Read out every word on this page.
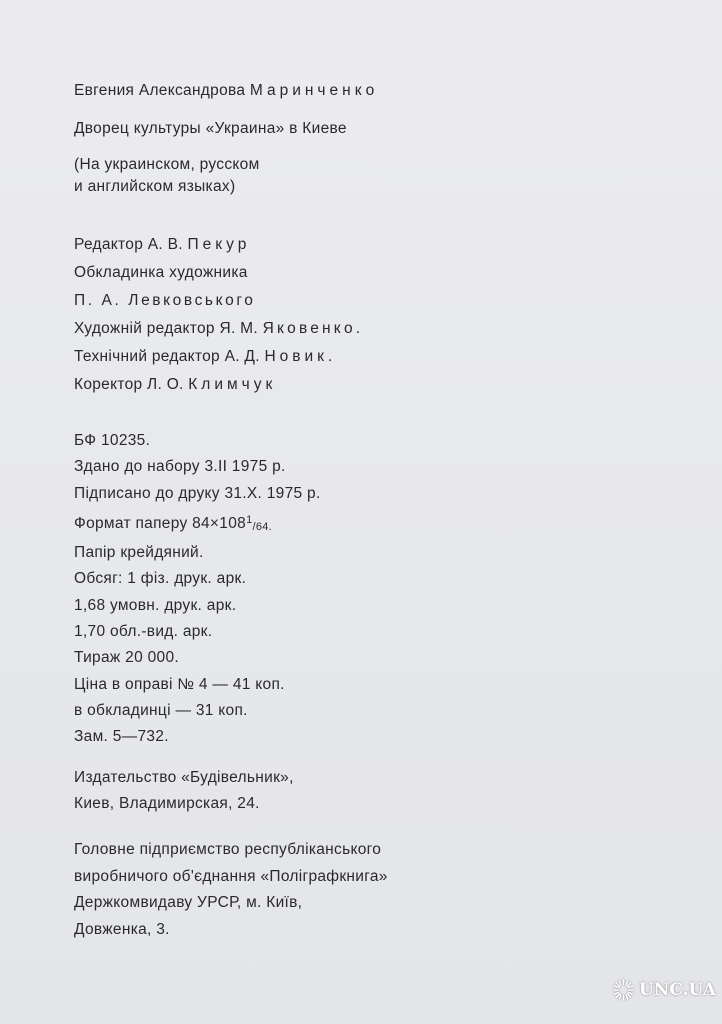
Евгения Александрова Маринченко
Дворец культуры «Украина» в Киеве
(На украинском, русском
и английском языках)
Редактор А. В. Пекур
Обкладинка художника
П. А. Левковського
Художній редактор Я. М. Яковенко.
Технічний редактор А. Д. Новик.
Коректор Л. О. Климчук
БФ 10235.
Здано до набору 3.ІІ 1975 р.
Підписано до друку 31.Х. 1975 р.
Формат паперу $84\times 108^1/64$.
Папір крейдяний.
Обсяг: 1 фіз. друк. арк.
1,68 умовн. друк. арк.
1,70 обл.-вид. арк.
Тираж 20 000.
Ціна в оправі № 4 — 41 коп.
в обкладинці — 31 коп.
Зам. 5—732.
Издательство «Будівельник»,
Киев, Владимирская, 24.
Головне підприємство республіканського
виробничого об'єднання «Поліграфкнига»
Держкомвидаву УРСР, м. Київ,
Довженка, 3.
UNC.UA
